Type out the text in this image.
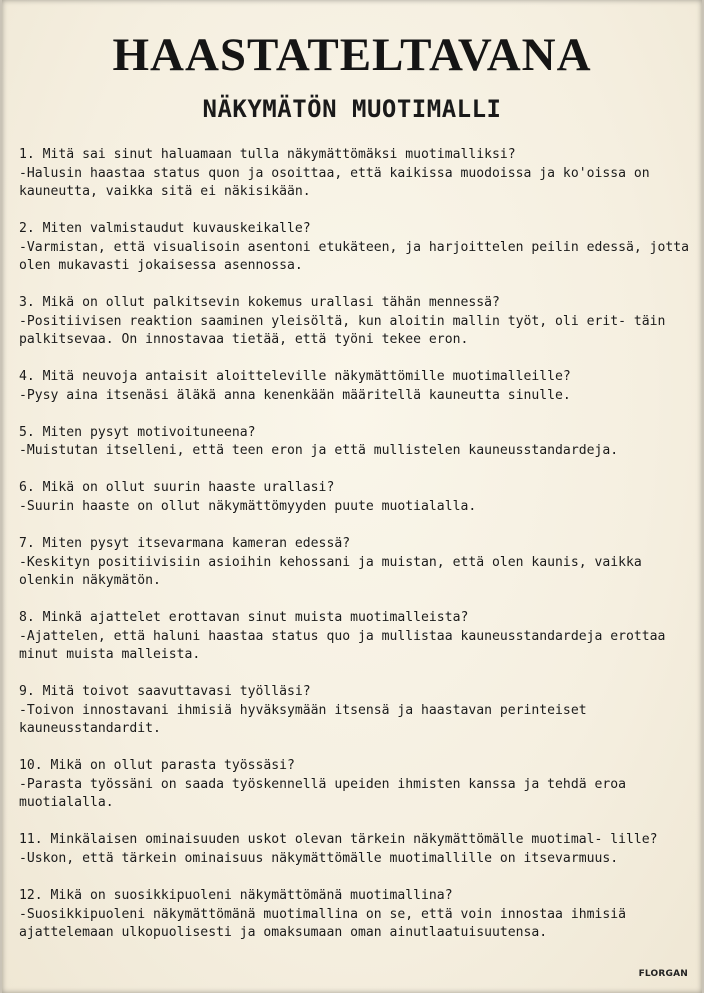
HAASTATELTAVANA
NÄKYMÄTÖN MUOTIMALLI

1. Mitä sai sinut haluamaan tulla näkymättömäksi muotimalliksi?

-Halusin haastaa status quon ja osoittaa, että kaikissa muodoissa ja ko'oissa on kauneutta, vaikka sitä ei näkisikään.

2. Miten valmistaudut kuvauskeikalle?

-Varmistan, että visualisoin asentoni etukäteen, ja harjoittelen peilin edessä, jotta olen mukavasti jokaisessa asennossa.

3. Mikä on ollut palkitsevin kokemus urallasi tähän mennessä?

-Positiivisen reaktion saaminen yleisöltä, kun aloitin mallin työt, oli erit- täin palkitsevaa. On innostavaa tietää, että työni tekee eron.

4. Mitä neuvoja antaisit aloitteleville näkymättömille muotimalleille?

-Pysy aina itsenäsi äläkä anna kenenkään määritellä kauneutta sinulle.

5. Miten pysyt motivoituneena?

-Muistutan itselleni, että teen eron ja että mullistelen kauneusstandardeja.

6. Mikä on ollut suurin haaste urallasi?

-Suurin haaste on ollut näkymättömyyden puute muotialalla.

7. Miten pysyt itsevarmana kameran edessä?

-Keskityn positiivisiin asioihin kehossani ja muistan, että olen kaunis, vaikka olenkin näkymätön.

8. Minkä ajattelet erottavan sinut muista muotimalleista?

-Ajattelen, että haluni haastaa status quo ja mullistaa kauneusstandardeja erottaa minut muista malleista.

9. Mitä toivot saavuttavasi työlläsi?

-Toivon innostavani ihmisiä hyväksymään itsensä ja haastavan perinteiset kauneusstandardit.

10. Mikä on ollut parasta työssäsi?

-Parasta työssäni on saada työskennellä upeiden ihmisten kanssa ja tehdä eroa muotialalla.

11. Minkälaisen ominaisuuden uskot olevan tärkein näkymättömälle muotimal- lille?

-Uskon, että tärkein ominaisuus näkymättömälle muotimallille on itsevarmuus.

12. Mikä on suosikkipuoleni näkymättömänä muotimallina?

-Suosikkipuoleni näkymättömänä muotimallina on se, että voin innostaa ihmisiä ajattelemaan ulkopuolisesti ja omaksumaan oman ainutlaatuisuutensa.

FLORGAN
